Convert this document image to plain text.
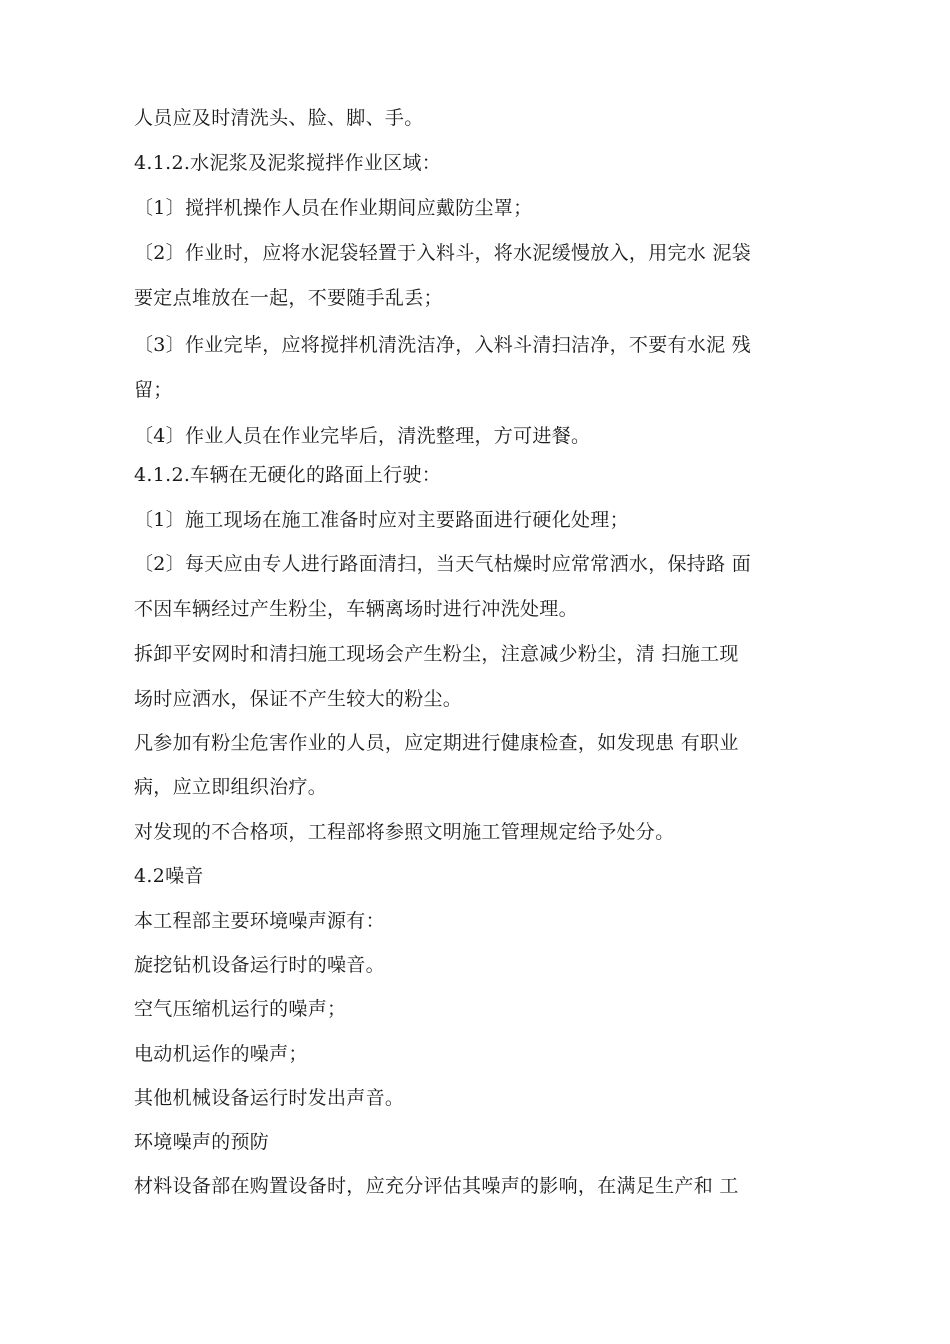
人员应及时清洗头、脸、脚、手。
4.1.2.水泥浆及泥浆搅拌作业区域：
〔1〕搅拌机操作人员在作业期间应戴防尘罩；
〔2〕作业时，应将水泥袋轻置于入料斗，将水泥缓慢放入，用完水 泥袋
要定点堆放在一起，不要随手乱丢；
〔3〕作业完毕，应将搅拌机清洗洁净，入料斗清扫洁净，不要有水泥 残
留；
〔4〕作业人员在作业完毕后，清洗整理，方可进餐。
4.1.2.车辆在无硬化的路面上行驶：
〔1〕施工现场在施工准备时应对主要路面进行硬化处理；
〔2〕每天应由专人进行路面清扫，当天气枯燥时应常常洒水，保持路 面
不因车辆经过产生粉尘，车辆离场时进行冲洗处理。
拆卸平安网时和清扫施工现场会产生粉尘，注意减少粉尘，清 扫施工现
场时应洒水，保证不产生较大的粉尘。
凡参加有粉尘危害作业的人员，应定期进行健康检查，如发现患 有职业
病，应立即组织治疗。
对发现的不合格项，工程部将参照文明施工管理规定给予处分。
4.2噪音
本工程部主要环境噪声源有：
旋挖钻机设备运行时的噪音。
空气压缩机运行的噪声；
电动机运作的噪声；
其他机械设备运行时发出声音。
环境噪声的预防
材料设备部在购置设备时，应充分评估其噪声的影响，在满足生产和 工
